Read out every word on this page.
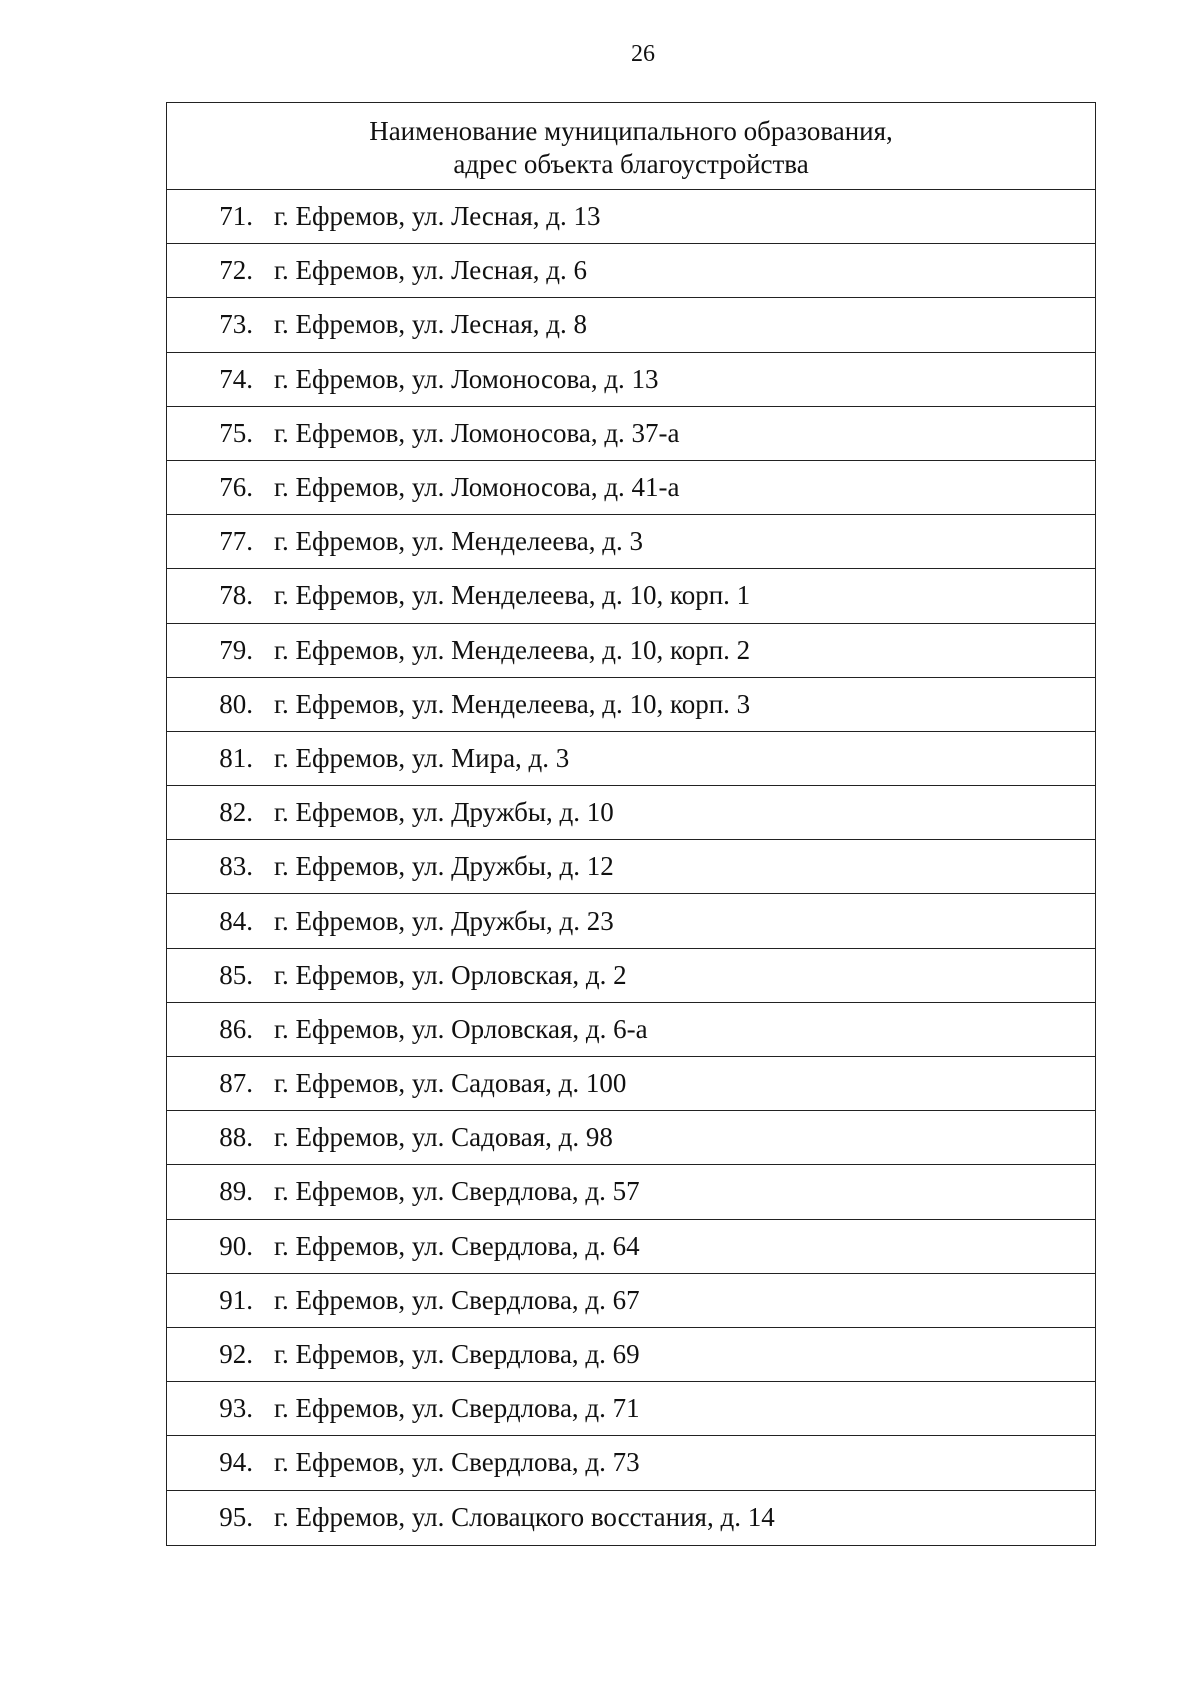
26
Наименование муниципального образования,
адрес объекта благоустройства
71. г. Ефремов, ул. Лесная, д. 13
72. г. Ефремов, ул. Лесная, д. 6
73. г. Ефремов, ул. Лесная, д. 8
74. г. Ефремов, ул. Ломоносова, д. 13
75. г. Ефремов, ул. Ломоносова, д. 37-а
76. г. Ефремов, ул. Ломоносова, д. 41-а
77. г. Ефремов, ул. Менделеева, д. 3
78. г. Ефремов, ул. Менделеева, д. 10, корп. 1
79. г. Ефремов, ул. Менделеева, д. 10, корп. 2
80. г. Ефремов, ул. Менделеева, д. 10, корп. 3
81. г. Ефремов, ул. Мира, д. 3
82. г. Ефремов, ул. Дружбы, д. 10
83. г. Ефремов, ул. Дружбы, д. 12
84. г. Ефремов, ул. Дружбы, д. 23
85. г. Ефремов, ул. Орловская, д. 2
86. г. Ефремов, ул. Орловская, д. 6-а
87. г. Ефремов, ул. Садовая, д. 100
88. г. Ефремов, ул. Садовая, д. 98
89. г. Ефремов, ул. Свердлова, д. 57
90. г. Ефремов, ул. Свердлова, д. 64
91. г. Ефремов, ул. Свердлова, д. 67
92. г. Ефремов, ул. Свердлова, д. 69
93. г. Ефремов, ул. Свердлова, д. 71
94. г. Ефремов, ул. Свердлова, д. 73
95. г. Ефремов, ул. Словацкого восстания, д. 14
